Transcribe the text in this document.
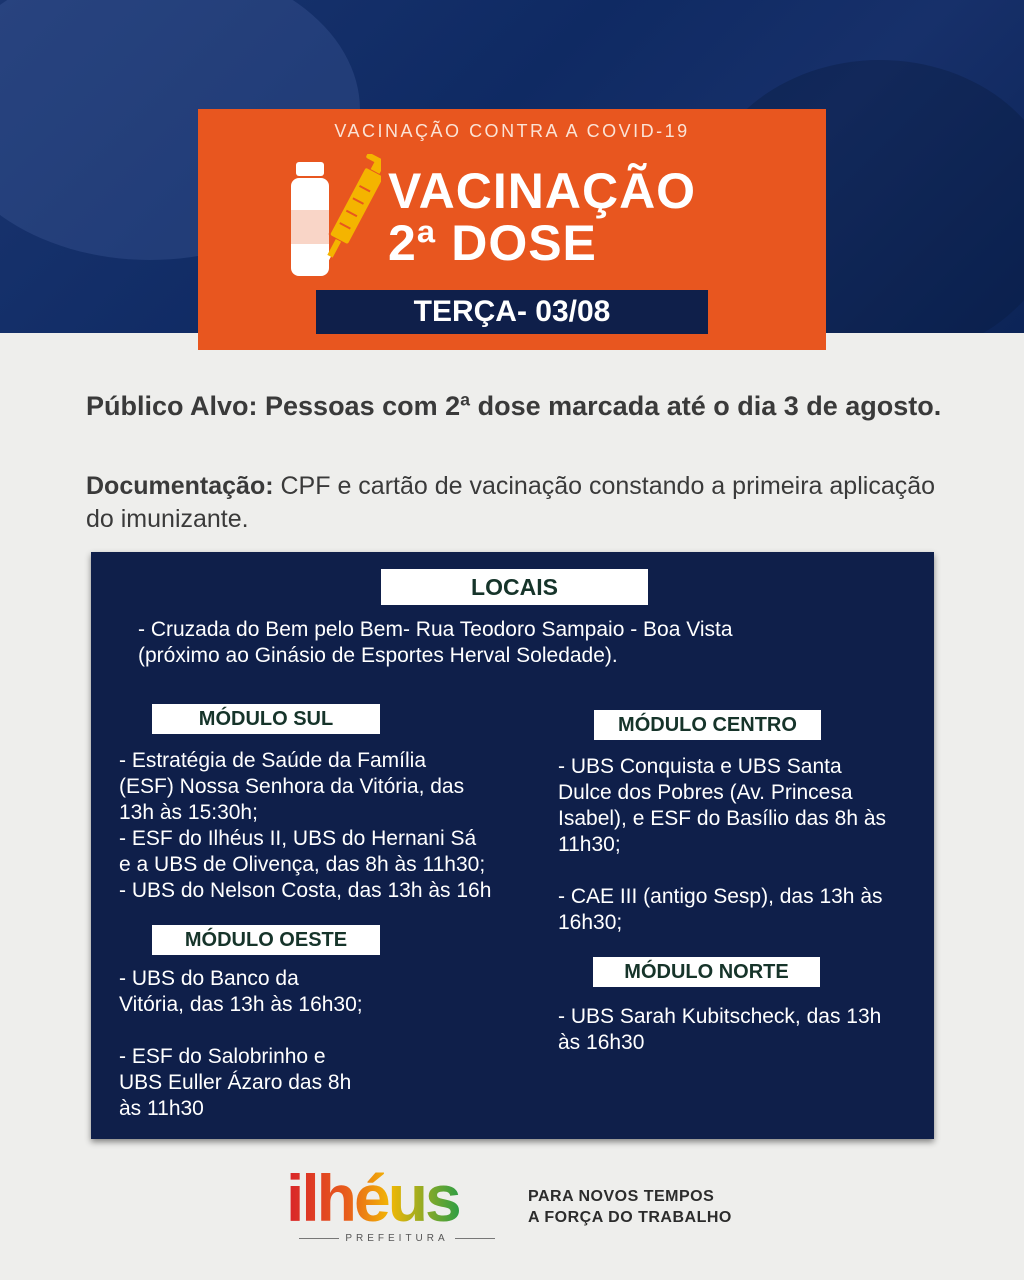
VACINAÇÃO CONTRA A COVID-19
VACINAÇÃO
2ª DOSE
TERÇA- 03/08
Público Alvo: Pessoas com 2ª dose marcada até o dia 3 de agosto.
Documentação: CPF e cartão de vacinação constando a primeira aplicação do imunizante.
LOCAIS
- Cruzada do Bem pelo Bem- Rua Teodoro Sampaio - Boa Vista
(próximo ao Ginásio de Esportes Herval Soledade).
MÓDULO SUL
- Estratégia de Saúde da Família
(ESF) Nossa Senhora da Vitória, das
13h às 15:30h;
- ESF do Ilhéus II, UBS do Hernani Sá
e a UBS de Olivença, das 8h às 11h30;
- UBS do Nelson Costa, das 13h às 16h
MÓDULO OESTE
- UBS do Banco da
Vitória, das 13h às 16h30;
- ESF do Salobrinho e
UBS Euller Ázaro das 8h
às 11h30
MÓDULO CENTRO
- UBS Conquista e UBS Santa
Dulce dos Pobres (Av. Princesa
Isabel), e ESF do Basílio das 8h às
11h30;
- CAE III (antigo Sesp), das 13h às
16h30;
MÓDULO NORTE
- UBS Sarah Kubitscheck, das 13h
às 16h30
ilhéus
PREFEITURA
PARA NOVOS TEMPOS
A FORÇA DO TRABALHO
